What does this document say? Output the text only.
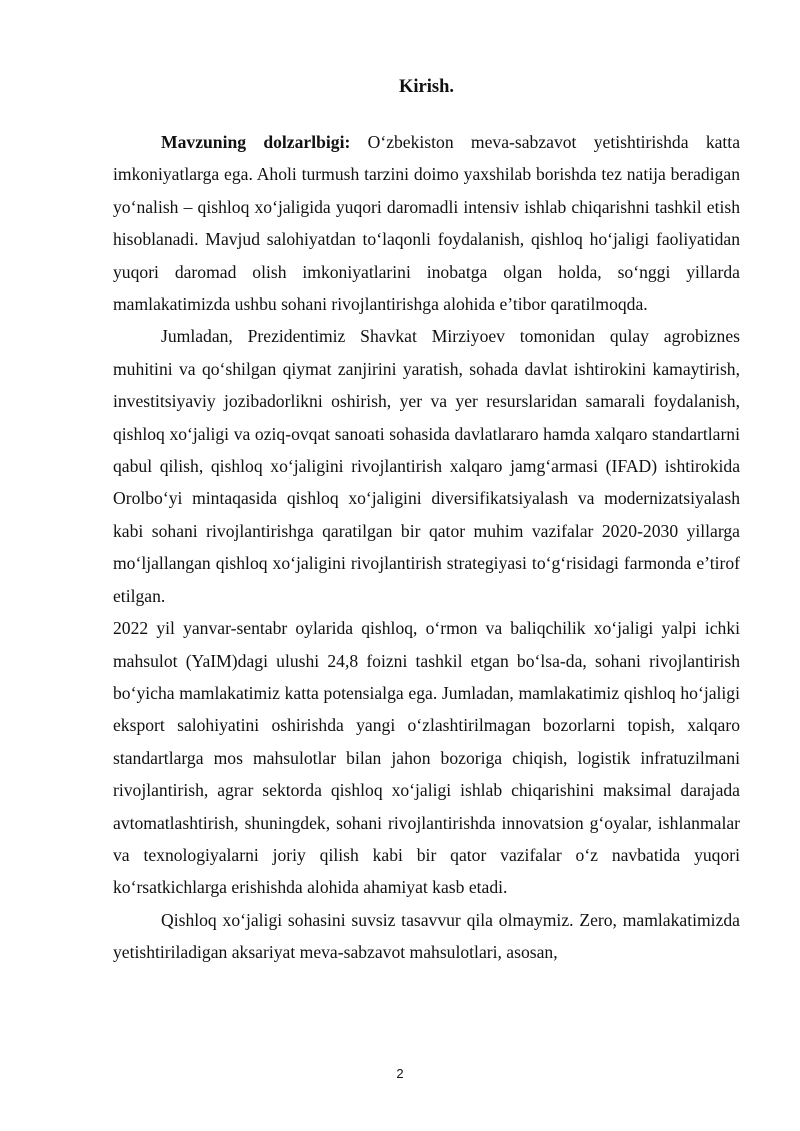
Kirish.

Mavzuning dolzarlbigi: O‘zbekiston meva-sabzavot yetishtirishda katta imkoniyatlarga ega. Aholi turmush tarzini doimo yaxshilab borishda tez natija beradigan yo‘nalish – qishloq xo‘jaligida yuqori daromadli intensiv ishlab chiqarishni tashkil etish hisoblanadi. Mavjud salohiyatdan to‘laqonli foydalanish, qishloq ho‘jaligi faoliyatidan yuqori daromad olish imkoniyatlarini inobatga olgan holda, so‘nggi yillarda mamlakatimizda ushbu sohani rivojlantirishga alohida e’tibor qaratilmoqda.

Jumladan, Prezidentimiz Shavkat Mirziyoev tomonidan qulay agrobiznes muhitini va qo‘shilgan qiymat zanjirini yaratish, sohada davlat ishtirokini kamaytirish, investitsiyaviy jozibadorlikni oshirish, yer va yer resurslaridan samarali foydalanish, qishloq xo‘jaligi va oziq-ovqat sanoati sohasida davlatlararo hamda xalqaro standartlarni qabul qilish, qishloq xo‘jaligini rivojlantirish xalqaro jamg‘armasi (IFAD) ishtirokida Orolbo‘yi mintaqasida qishloq xo‘jaligini diversifikatsiyalash va modernizatsiyalash kabi sohani rivojlantirishga qaratilgan bir qator muhim vazifalar 2020-2030 yillarga mo‘ljallangan qishloq xo‘jaligini rivojlantirish strategiyasi to‘g‘risidagi farmonda e’tirof etilgan.

2022 yil yanvar-sentabr oylarida qishloq, o‘rmon va baliqchilik xo‘jaligi yalpi ichki mahsulot (YaIM)dagi ulushi 24,8 foizni tashkil etgan bo‘lsa-da, sohani rivojlantirish bo‘yicha mamlakatimiz katta potensialga ega. Jumladan, mamlakatimiz qishloq ho‘jaligi eksport salohiyatini oshirishda yangi o‘zlashtirilmagan bozorlarni topish, xalqaro standartlarga mos mahsulotlar bilan jahon bozoriga chiqish, logistik infratuzilmani rivojlantirish, agrar sektorda qishloq xo‘jaligi ishlab chiqarishini maksimal darajada avtomatlashtirish, shuningdek, sohani rivojlantirishda innovatsion g‘oyalar, ishlanmalar va texnologiyalarni joriy qilish kabi bir qator vazifalar o‘z navbatida yuqori ko‘rsatkichlarga erishishda alohida ahamiyat kasb etadi.

Qishloq xo‘jaligi sohasini suvsiz tasavvur qila olmaymiz. Zero, mamlakatimizda yetishtiriladigan aksariyat meva-sabzavot mahsulotlari, asosan,

2
